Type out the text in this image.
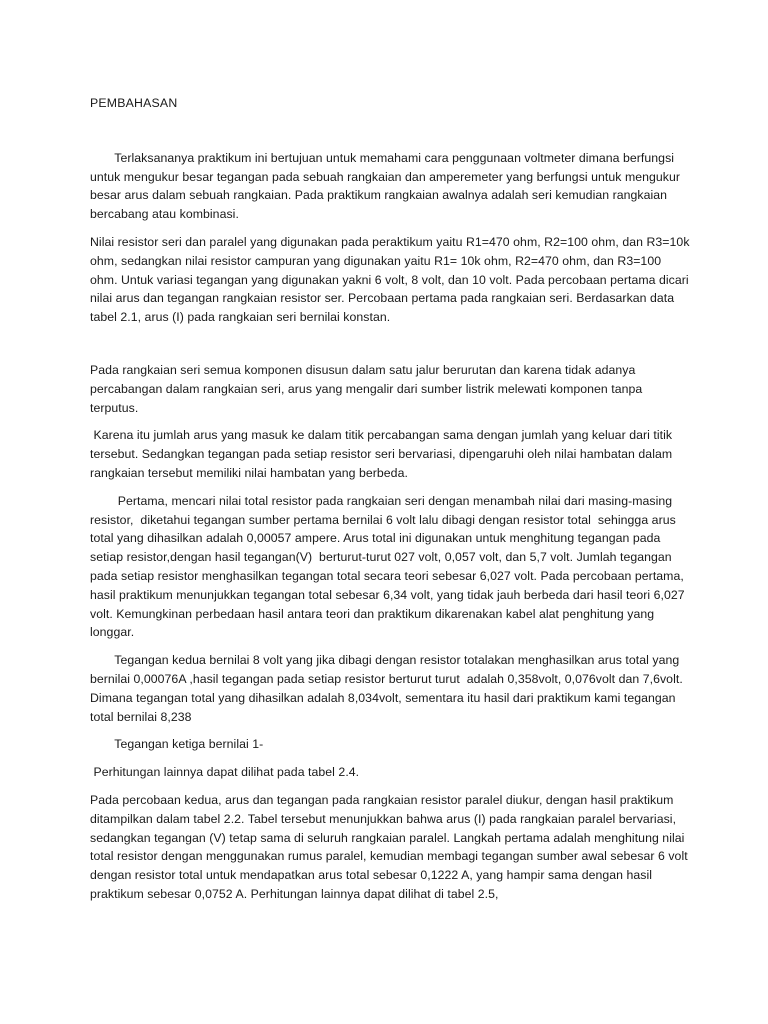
PEMBAHASAN

Terlaksananya praktikum ini bertujuan untuk memahami cara penggunaan voltmeter dimana berfungsi untuk mengukur besar tegangan pada sebuah rangkaian dan amperemeter yang berfungsi untuk mengukur besar arus dalam sebuah rangkaian. Pada praktikum rangkaian awalnya adalah seri kemudian rangkaian bercabang atau kombinasi.

Nilai resistor seri dan paralel yang digunakan pada peraktikum yaitu R1=470 ohm, R2=100 ohm, dan R3=10k ohm, sedangkan nilai resistor campuran yang digunakan yaitu R1= 10k ohm, R2=470 ohm, dan R3=100 ohm. Untuk variasi tegangan yang digunakan yakni 6 volt, 8 volt, dan 10 volt. Pada percobaan pertama dicari nilai arus dan tegangan rangkaian resistor ser. Percobaan pertama pada rangkaian seri. Berdasarkan data tabel 2.1, arus (I) pada rangkaian seri bernilai konstan.

Pada rangkaian seri semua komponen disusun dalam satu jalur berurutan dan karena tidak adanya percabangan dalam rangkaian seri, arus yang mengalir dari sumber listrik melewati komponen tanpa terputus.

Karena itu jumlah arus yang masuk ke dalam titik percabangan sama dengan jumlah yang keluar dari titik tersebut. Sedangkan tegangan pada setiap resistor seri bervariasi, dipengaruhi oleh nilai hambatan dalam rangkaian tersebut memiliki nilai hambatan yang berbeda.

Pertama, mencari nilai total resistor pada rangkaian seri dengan menambah nilai dari masing-masing resistor,  diketahui tegangan sumber pertama bernilai 6 volt lalu dibagi dengan resistor total  sehingga arus total yang dihasilkan adalah 0,00057 ampere. Arus total ini digunakan untuk menghitung tegangan pada setiap resistor,dengan hasil tegangan(V)  berturut-turut 027 volt, 0,057 volt, dan 5,7 volt. Jumlah tegangan pada setiap resistor menghasilkan tegangan total secara teori sebesar 6,027 volt. Pada percobaan pertama, hasil praktikum menunjukkan tegangan total sebesar 6,34 volt, yang tidak jauh berbeda dari hasil teori 6,027 volt. Kemungkinan perbedaan hasil antara teori dan praktikum dikarenakan kabel alat penghitung yang longgar.

Tegangan kedua bernilai 8 volt yang jika dibagi dengan resistor totalakan menghasilkan arus total yang bernilai 0,00076A ,hasil tegangan pada setiap resistor berturut turut  adalah 0,358volt, 0,076volt dan 7,6volt. Dimana tegangan total yang dihasilkan adalah 8,034volt, sementara itu hasil dari praktikum kami tegangan total bernilai 8,238

Tegangan ketiga bernilai 1-

Perhitungan lainnya dapat dilihat pada tabel 2.4.

Pada percobaan kedua, arus dan tegangan pada rangkaian resistor paralel diukur, dengan hasil praktikum ditampilkan dalam tabel 2.2. Tabel tersebut menunjukkan bahwa arus (I) pada rangkaian paralel bervariasi, sedangkan tegangan (V) tetap sama di seluruh rangkaian paralel. Langkah pertama adalah menghitung nilai total resistor dengan menggunakan rumus paralel, kemudian membagi tegangan sumber awal sebesar 6 volt dengan resistor total untuk mendapatkan arus total sebesar 0,1222 A, yang hampir sama dengan hasil praktikum sebesar 0,0752 A. Perhitungan lainnya dapat dilihat di tabel 2.5,
